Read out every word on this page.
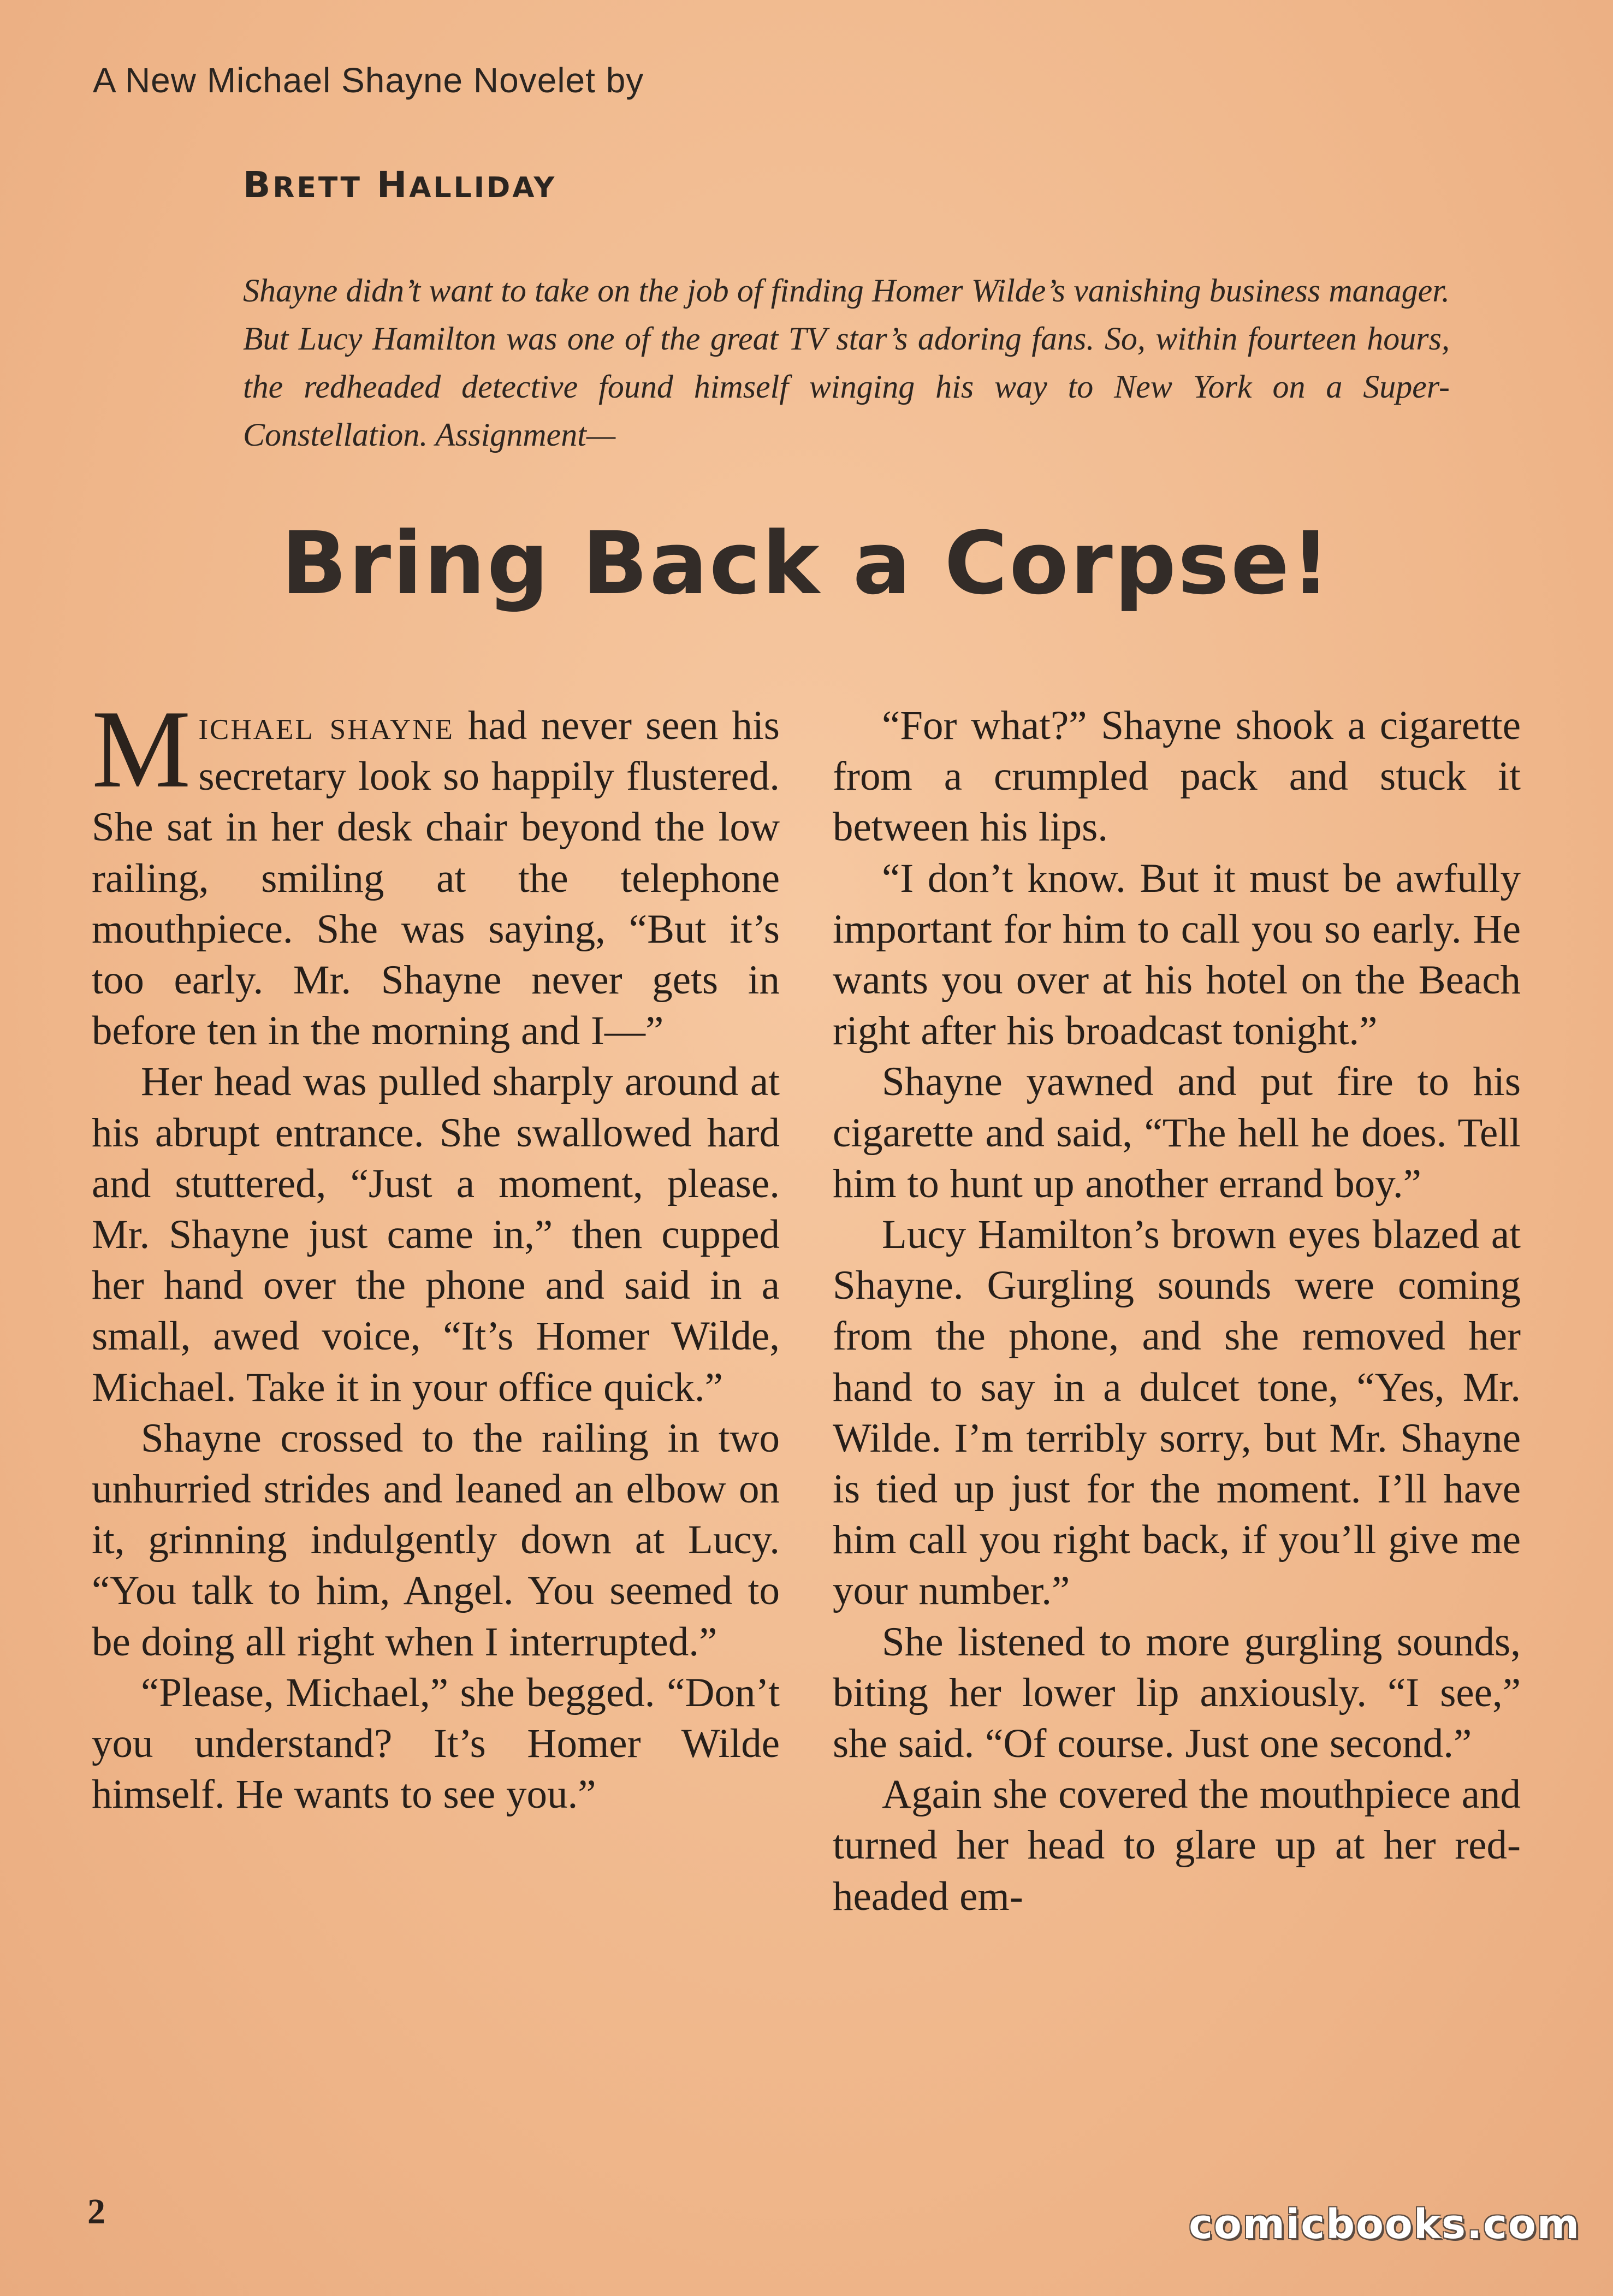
A New Michael Shayne Novelet by
BRETT HALLIDAY
Shayne didn’t want to take on the job of finding Homer Wilde’s vanishing business manager. But Lucy Hamilton was one of the great TV star’s adoring fans. So, within fourteen hours, the redheaded detective found himself winging his way to New York on a Super-Constellation. Assignment—
Bring Back a Corpse!

Michael shayne had never seen his secretary look so happily flustered. She sat in her desk chair beyond the low railing, smiling at the telephone mouthpiece. She was saying, “But it’s too early. Mr. Shayne never gets in before ten in the morning and I—”

Her head was pulled sharply around at his abrupt entrance. She swallowed hard and stuttered, “Just a moment, please. Mr. Shayne just came in,” then cupped her hand over the phone and said in a small, awed voice, “It’s Homer Wilde, Michael. Take it in your office quick.”

Shayne crossed to the railing in two unhurried strides and leaned an elbow on it, grinning indulgently down at Lucy. “You talk to him, Angel. You seemed to be doing all right when I interrupted.”

“Please, Michael,” she begged. “Don’t you understand? It’s Homer Wilde himself. He wants to see you.”

“For what?” Shayne shook a cigarette from a crumpled pack and stuck it between his lips.

“I don’t know. But it must be awfully important for him to call you so early. He wants you over at his hotel on the Beach right after his broadcast tonight.”

Shayne yawned and put fire to his cigarette and said, “The hell he does. Tell him to hunt up another errand boy.”

Lucy Hamilton’s brown eyes blazed at Shayne. Gurgling sounds were coming from the phone, and she removed her hand to say in a dulcet tone, “Yes, Mr. Wilde. I’m terribly sorry, but Mr. Shayne is tied up just for the moment. I’ll have him call you right back, if you’ll give me your number.”

She listened to more gurgling sounds, biting her lower lip anxiously. “I see,” she said. “Of course. Just one second.”

Again she covered the mouthpiece and turned her head to glare up at her red-headed em-

2	comicbooks.com
